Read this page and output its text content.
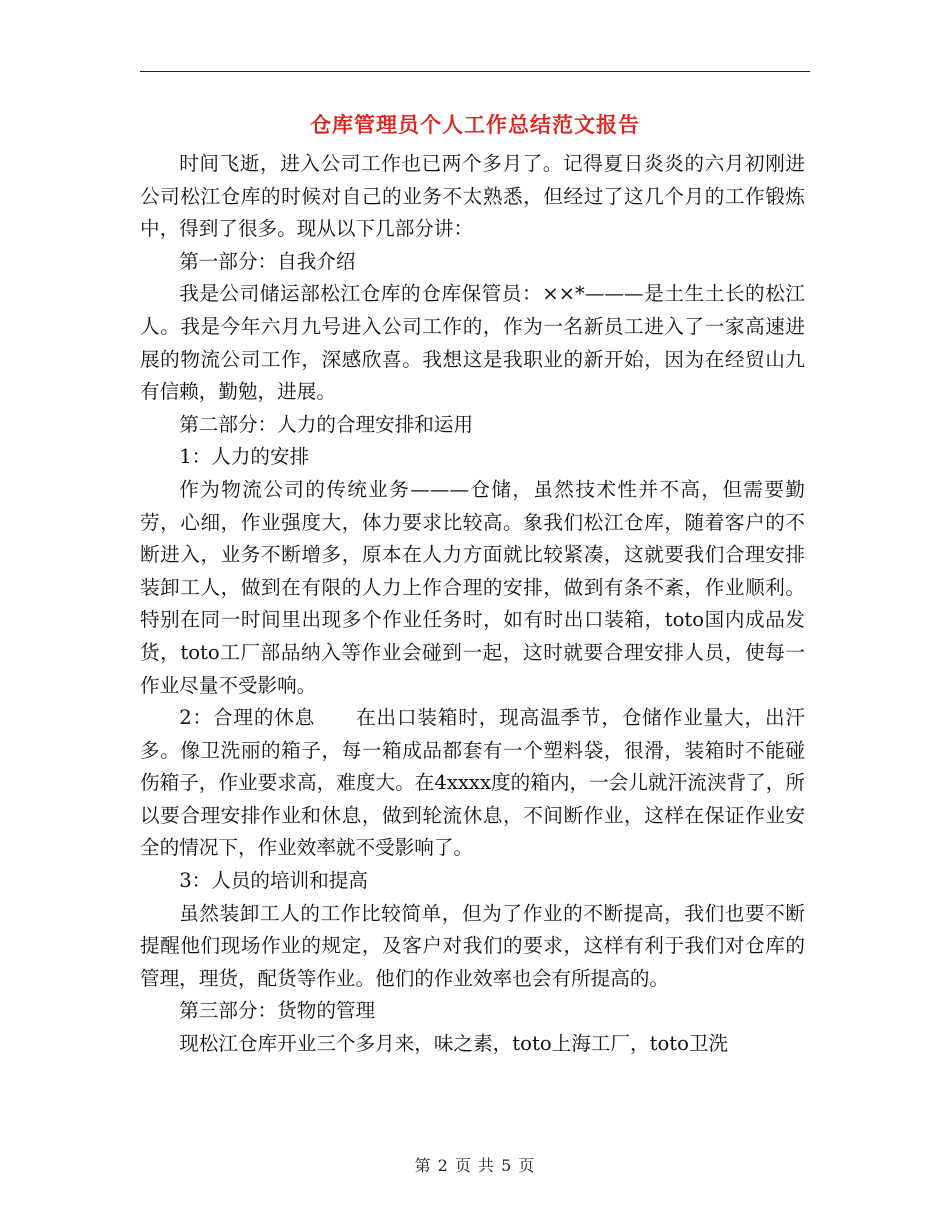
仓库管理员个人工作总结范文报告

时间飞逝，进入公司工作也已两个多月了。记得夏日炎炎的六月初刚进公司松江仓库的时候对自己的业务不太熟悉，但经过了这几个月的工作锻炼中，得到了很多。现从以下几部分讲：

第一部分：自我介绍

我是公司储运部松江仓库的仓库保管员：××*———是土生土长的松江人。我是今年六月九号进入公司工作的，作为一名新员工进入了一家高速进展的物流公司工作，深感欣喜。我想这是我职业的新开始，因为在经贸山九有信赖，勤勉，进展。

第二部分：人力的合理安排和运用

1：人力的安排

作为物流公司的传统业务———仓储，虽然技术性并不高，但需要勤劳，心细，作业强度大，体力要求比较高。象我们松江仓库，随着客户的不断进入，业务不断增多，原本在人力方面就比较紧凑，这就要我们合理安排装卸工人，做到在有限的人力上作合理的安排，做到有条不紊，作业顺利。特别在同一时间里出现多个作业任务时，如有时出口装箱，toto国内成品发货，toto工厂部品纳入等作业会碰到一起，这时就要合理安排人员，使每一作业尽量不受影响。

2：合理的休息　　在出口装箱时，现高温季节，仓储作业量大，出汗多。像卫洗丽的箱子，每一箱成品都套有一个塑料袋，很滑，装箱时不能碰伤箱子，作业要求高，难度大。在4xxxx度的箱内，一会儿就汗流浃背了，所以要合理安排作业和休息，做到轮流休息，不间断作业，这样在保证作业安全的情况下，作业效率就不受影响了。

3：人员的培训和提高

虽然装卸工人的工作比较简单，但为了作业的不断提高，我们也要不断提醒他们现场作业的规定，及客户对我们的要求，这样有利于我们对仓库的管理，理货，配货等作业。他们的作业效率也会有所提高的。

第三部分：货物的管理

现松江仓库开业三个多月来，味之素，toto上海工厂，toto卫洗

第 2 页 共 5 页
